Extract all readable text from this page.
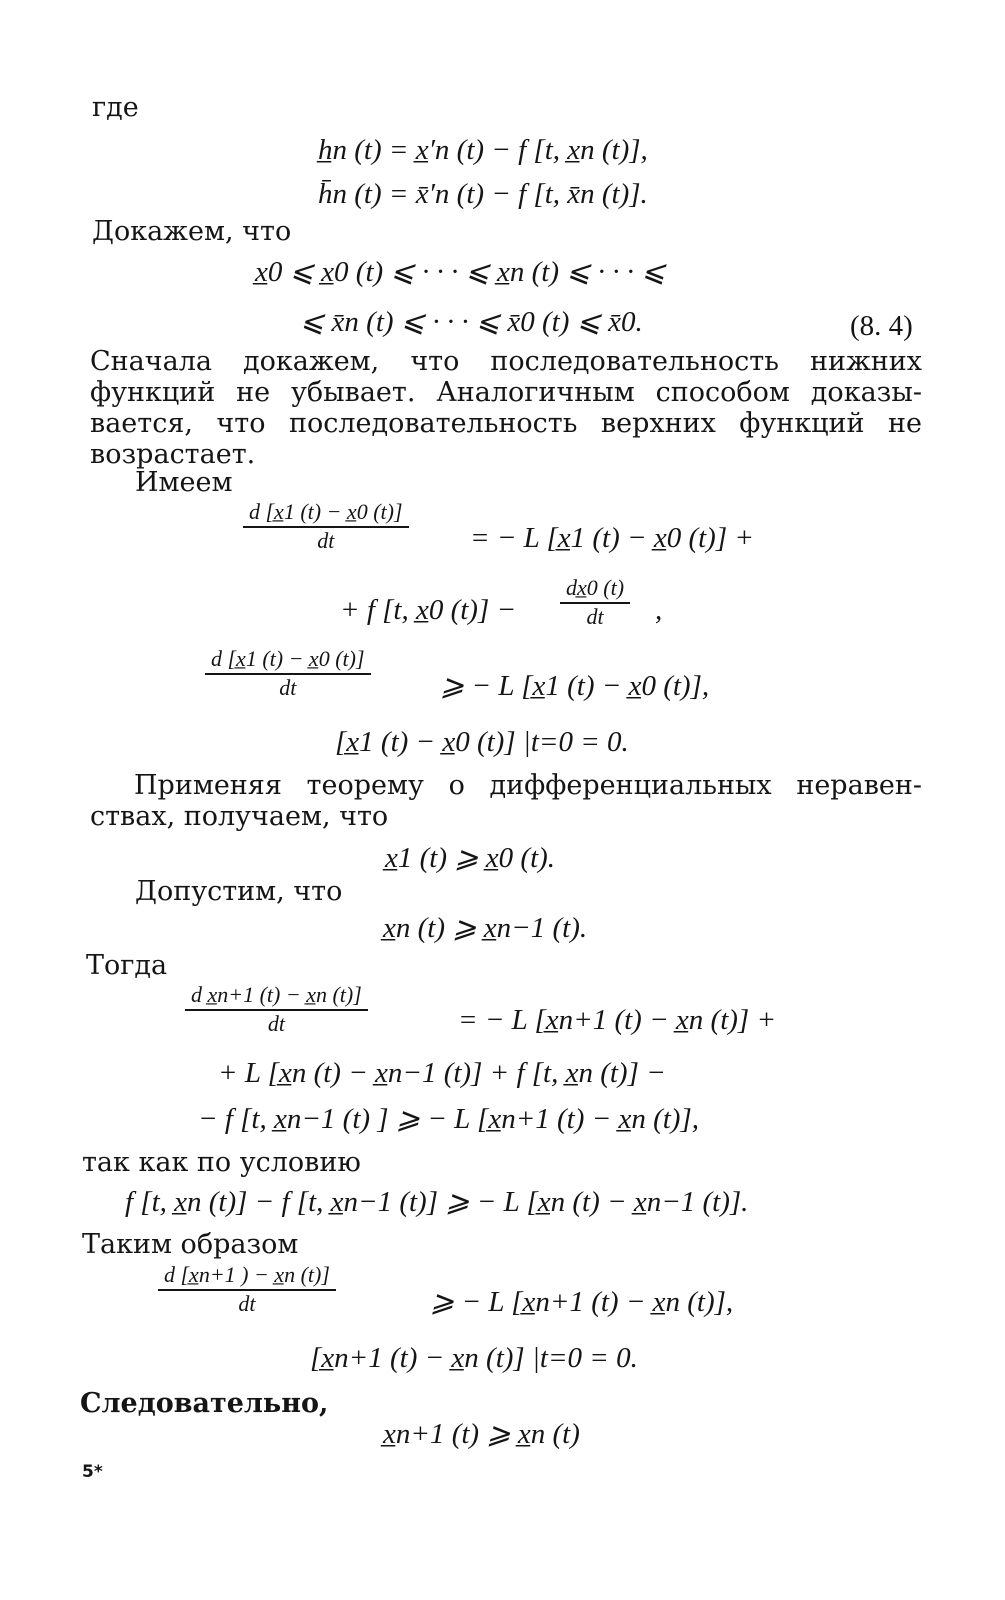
где
h̲n (t) = x̲′n (t) − f [t, x̲n (t)],
h̄n (t) = x̄′n (t) − f [t, x̄n (t)].
Докажем, что
x̲0 ⩽ x̲0 (t) ⩽ · · · ⩽ x̲n (t) ⩽ · · · ⩽
⩽ x̄n (t) ⩽ · · · ⩽ x̄0 (t) ⩽ x̄0.	(8. 4)
Сначала докажем, что последовательность нижних
функций не убывает. Аналогичным способом доказы-
вается, что последовательность верхних функций не
возрастает.
Имеем
d [x̲1 (t) − x̲0 (t)]
dt	= − L [x̲1 (t) − x̲0 (t)] +
+ f [t, x̲0 (t)] −
dx̲0 (t)
dt ,
d [x̲1 (t) − x̲0 (t)]
dt	⩾ − L [x̲1 (t) − x̲0 (t)],
[x̲1 (t) − x̲0 (t)] |t=0 = 0.
Применяя теорему о дифференциальных неравен-
ствах, получаем, что
x̲1 (t) ⩾ x̲0 (t).
Допустим, что
x̲n (t) ⩾ x̲n−1 (t).
Тогда
d x̲n+1 (t) − x̲n (t)]
dt	= − L [x̲n+1 (t) − x̲n (t)] +
+ L [x̲n (t) − x̲n−1 (t)] + f [t, x̲n (t)] −
− f [t, x̲n−1 (t) ] ⩾ − L [x̲n+1 (t) − x̲n (t)],
так как по условию
f [t, x̲n (t)] − f [t, x̲n−1 (t)] ⩾ − L [x̲n (t) − x̲n−1 (t)].
Таким образом
d [x̲n+1 ) − x̲n (t)]
dt	⩾ − L [x̲n+1 (t) − x̲n (t)],
[x̲n+1 (t) − x̲n (t)] |t=0 = 0.
Следовательно,
x̲n+1 (t) ⩾ x̲n (t)
5*
